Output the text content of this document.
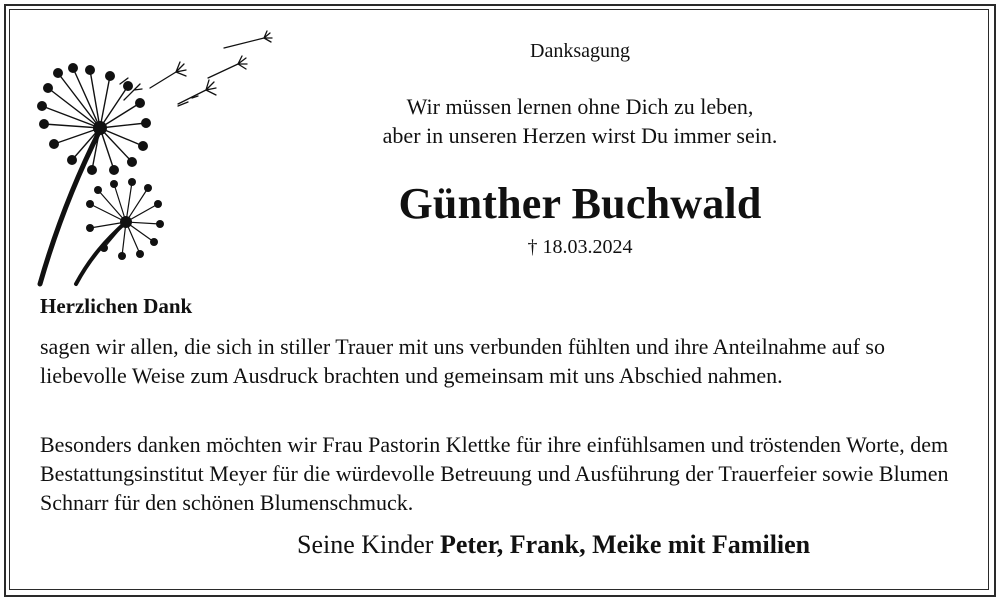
Danksagung
Wir müssen lernen ohne Dich zu leben,
aber in unseren Herzen wirst Du immer sein.
Günther Buchwald
† 18.03.2024
Herzlichen Dank
sagen wir allen, die sich in stiller Trauer mit uns verbunden fühlten und ihre Anteilnahme auf so liebevolle Weise zum Ausdruck brachten und gemeinsam mit uns Abschied nahmen.
Besonders danken möchten wir Frau Pastorin Klettke für ihre einfühlsamen und tröstenden Worte, dem Bestattungsinstitut Meyer für die würdevolle Betreuung und Ausführung der Trauerfeier sowie Blumen Schnarr für den schönen Blumenschmuck.
Seine Kinder Peter, Frank, Meike mit Familien
